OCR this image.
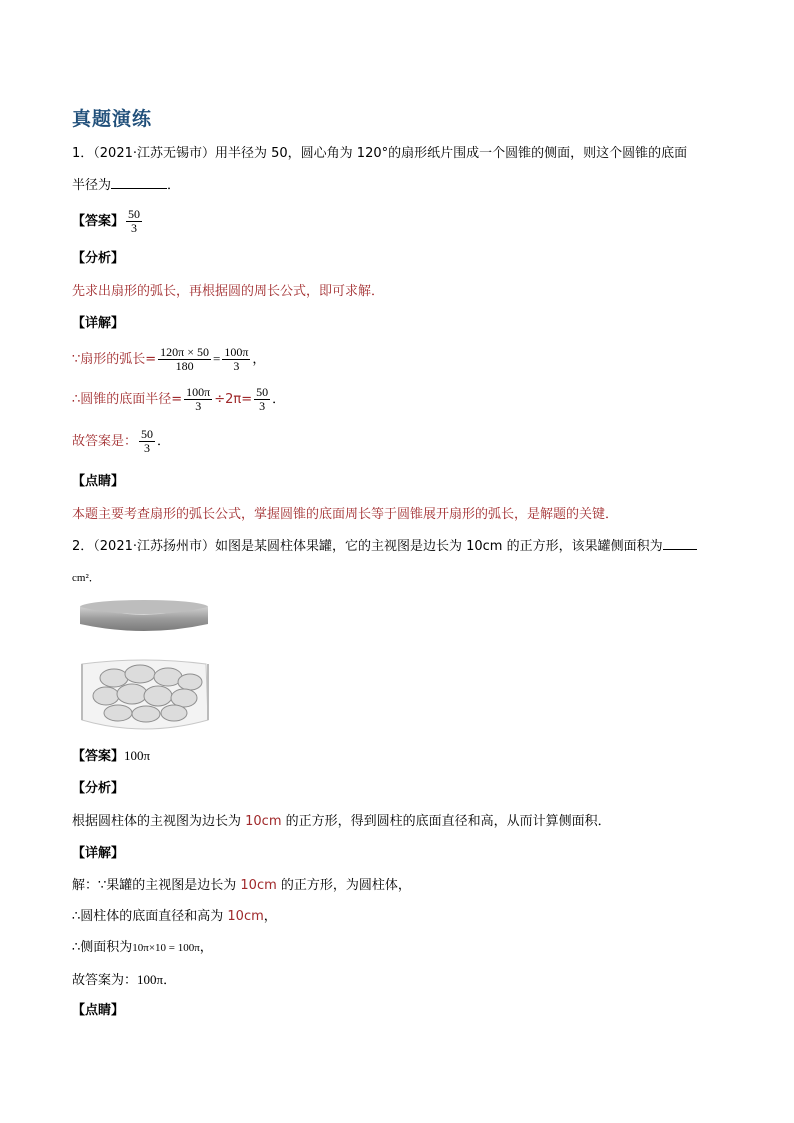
真题演练
1．（2021·江苏无锡市）用半径为 50，圆心角为 120°的扇形纸片围成一个圆锥的侧面，则这个圆锥的底面
半径为	．
【答案】 $\frac{50}{3}$
【分析】
先求出扇形的弧长，再根据圆的周长公式，即可求解．
【详解】
∵扇形的弧长= $\frac{120\pi \times 50}{180} = \frac{100\pi}{3}$ ，
∴圆锥的底面半径= $\frac{100\pi}{3} \div 2\pi= \frac{50}{3}$ ．
故答案是： $\frac{50}{3}$ ．
【点睛】
本题主要考查扇形的弧长公式，掌握圆锥的底面周长等于圆锥展开扇形的弧长，是解题的关键．
2．（2021·江苏扬州市）如图是某圆柱体果罐，它的主视图是边长为 10cm 的正方形，该果罐侧面积为
cm²．
【答案】100π
【分析】
根据圆柱体的主视图为边长为 10cm 的正方形，得到圆柱的底面直径和高，从而计算侧面积．
【详解】
解：∵果罐的主视图是边长为 10cm 的正方形，为圆柱体，
∴圆柱体的底面直径和高为 10cm，
∴侧面积为10π×10 = 100π，
故答案为：100π．
【点睛】
